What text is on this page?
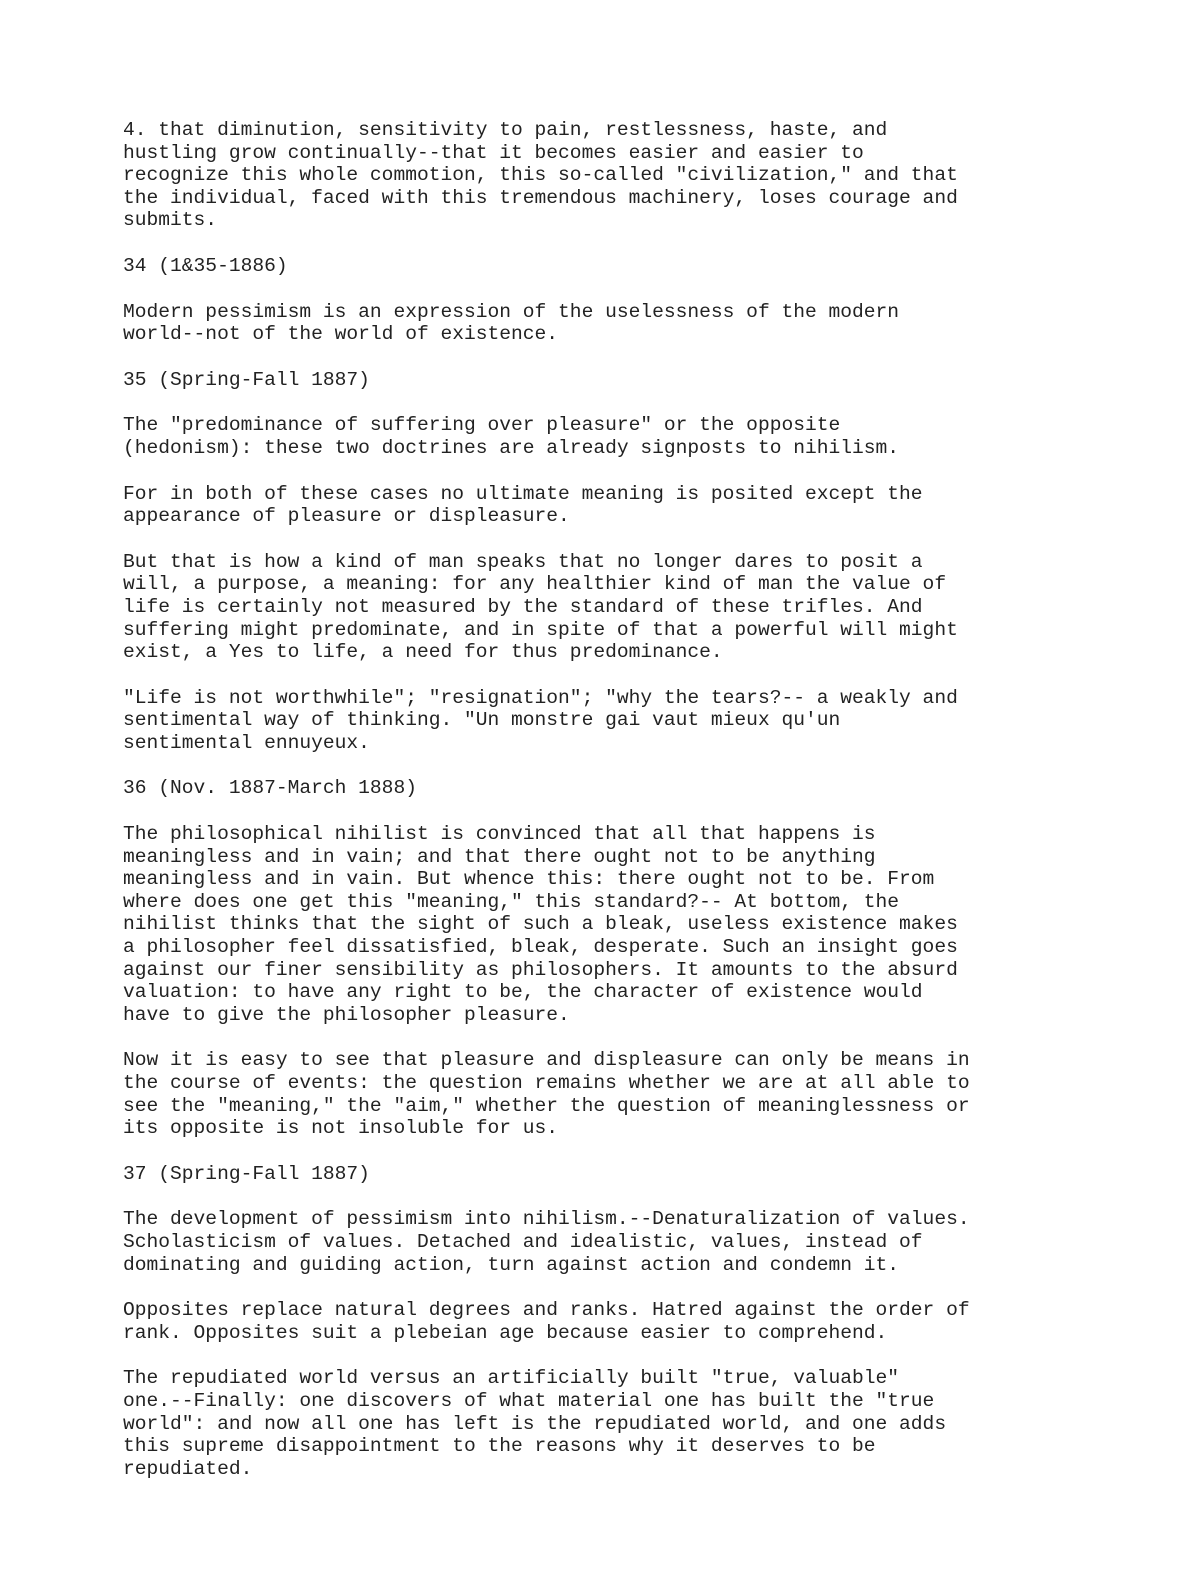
4. that diminution, sensitivity to pain, restlessness, haste, and
hustling grow continually--that it becomes easier and easier to
recognize this whole commotion, this so-called "civilization," and that
the individual, faced with this tremendous machinery, loses courage and
submits.

34 (1&35-1886)

Modern pessimism is an expression of the uselessness of the modern
world--not of the world of existence.

35 (Spring-Fall 1887)

The "predominance of suffering over pleasure" or the opposite
(hedonism): these two doctrines are already signposts to nihilism.

For in both of these cases no ultimate meaning is posited except the
appearance of pleasure or displeasure.

But that is how a kind of man speaks that no longer dares to posit a
will, a purpose, a meaning: for any healthier kind of man the value of
life is certainly not measured by the standard of these trifles. And
suffering might predominate, and in spite of that a powerful will might
exist, a Yes to life, a need for thus predominance.

"Life is not worthwhile"; "resignation"; "why the tears?-- a weakly and
sentimental way of thinking. "Un monstre gai vaut mieux qu'un
sentimental ennuyeux.

36 (Nov. 1887-March 1888)

The philosophical nihilist is convinced that all that happens is
meaningless and in vain; and that there ought not to be anything
meaningless and in vain. But whence this: there ought not to be. From
where does one get this "meaning," this standard?-- At bottom, the
nihilist thinks that the sight of such a bleak, useless existence makes
a philosopher feel dissatisfied, bleak, desperate. Such an insight goes
against our finer sensibility as philosophers. It amounts to the absurd
valuation: to have any right to be, the character of existence would
have to give the philosopher pleasure.

Now it is easy to see that pleasure and displeasure can only be means in
the course of events: the question remains whether we are at all able to
see the "meaning," the "aim," whether the question of meaninglessness or
its opposite is not insoluble for us.

37 (Spring-Fall 1887)

The development of pessimism into nihilism.--Denaturalization of values.
Scholasticism of values. Detached and idealistic, values, instead of
dominating and guiding action, turn against action and condemn it.

Opposites replace natural degrees and ranks. Hatred against the order of
rank. Opposites suit a plebeian age because easier to comprehend.

The repudiated world versus an artificially built "true, valuable"
one.--Finally: one discovers of what material one has built the "true
world": and now all one has left is the repudiated world, and one adds
this supreme disappointment to the reasons why it deserves to be
repudiated.
